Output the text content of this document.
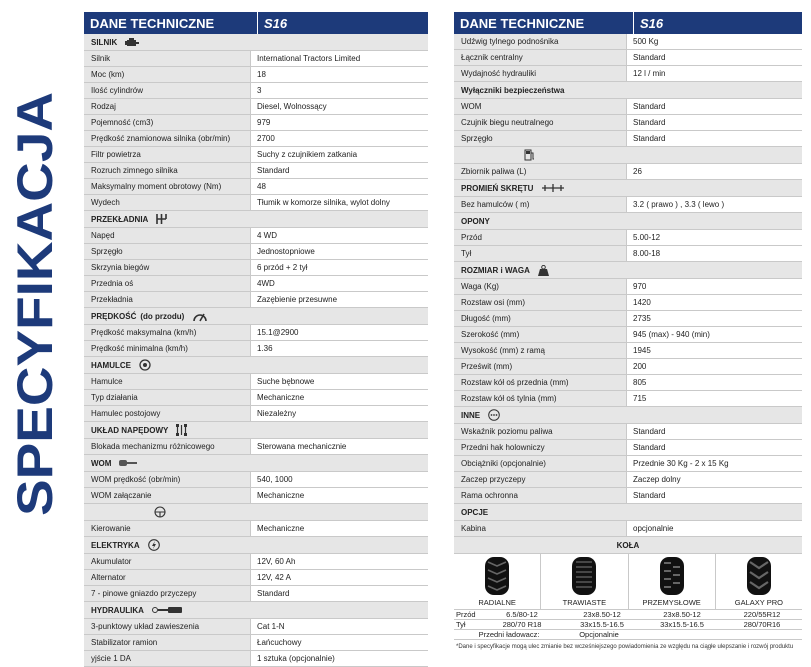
SPECYFIKACJA
DANE TECHNICZNE	S16
SILNIK
Silnik	International Tractors Limited
Moc (km)	18
Ilość cylindrów	3
Rodzaj	Diesel, Wolnossący
Pojemność (cm3)	979
Prędkość znamionowa silnika (obr/min)	2700
Filtr powietrza	Suchy z czujnikiem zatkania
Rozruch zimnego silnika	Standard
Maksymalny moment obrotowy (Nm)	48
Wydech	Tłumik w komorze silnika, wylot dolny
PRZEKŁADNIA
Napęd	4 WD
Sprzęgło	Jednostopniowe
Skrzynia biegów	6 przód + 2 tył
Przednia oś	4WD
Przekładnia	Zazębienie przesuwne
PRĘDKOŚĆ (do przodu)
Prędkość maksymalna (km/h)	15.1@2900
Prędkość minimalna (km/h)	1.36
HAMULCE
Hamulce	Suche bębnowe
Typ działania	Mechaniczne
Hamulec postojowy	Niezależny
UKŁAD NAPĘDOWY
Blokada mechanizmu różnicowego	Sterowana mechanicznie
WOM
WOM prędkość (obr/min)	540, 1000
WOM załączanie	Mechaniczne
Kierowanie	Mechaniczne
ELEKTRYKA
Akumulator	12V, 60 Ah
Alternator	12V, 42 A
7 - pinowe gniazdo przyczepy	Standard
HYDRAULIKA
3-punktowy układ zawieszenia	Cat 1-N
Stabilizator ramion	Łańcuchowy
yjście 1 DA	1 sztuka (opcjonalnie)
DANE TECHNICZNE	S16
Udźwig tylnego podnośnika	500 Kg
Łącznik centralny	Standard
Wydajność hydrauliki	12 l / min
Wyłączniki bezpieczeństwa
WOM	Standard
Czujnik biegu neutralnego	Standard
Sprzęgło	Standard
Zbiornik paliwa (L)	26
PROMIEŃ SKRĘTU
Bez hamulców ( m)	3.2 ( prawo ) , 3.3 ( lewo )
OPONY
Przód	5.00-12
Tył	8.00-18
ROZMIAR i WAGA
Waga (Kg)	970
Rozstaw osi (mm)	1420
Długość (mm)	2735
Szerokość (mm)	945 (max) - 940 (min)
Wysokość (mm) z ramą	1945
Prześwit (mm)	200
Rozstaw kół oś przednia (mm)	805
Rozstaw kół oś tylnia (mm)	715
INNE
Wskaźnik poziomu paliwa	Standard
Przedni hak holowniczy	Standard
Obciążniki (opcjonalnie)	Przednie 30 Kg - 2 x 15 Kg
Zaczep przyczepy	Zaczep dolny
Rama ochronna	Standard
OPCJE
Kabina	opcjonalnie
KOŁA
RADIALNE	TRAWIASTE	PRZEMYSŁOWE	GALAXY PRO
Przód	6.5/80-12	23x8.50-12	23x8.50-12	220/55R12
Tył	280/70 R18	33x15.5-16.5	33x15.5-16.5	280/70R16
Przedni ładowacz:	Opcjonalnie
*Dane i specyfikacje mogą ulec zmianie bez wcześniejszego powiadomienia ze względu na ciągłe ulepszanie i rozwój produktu
